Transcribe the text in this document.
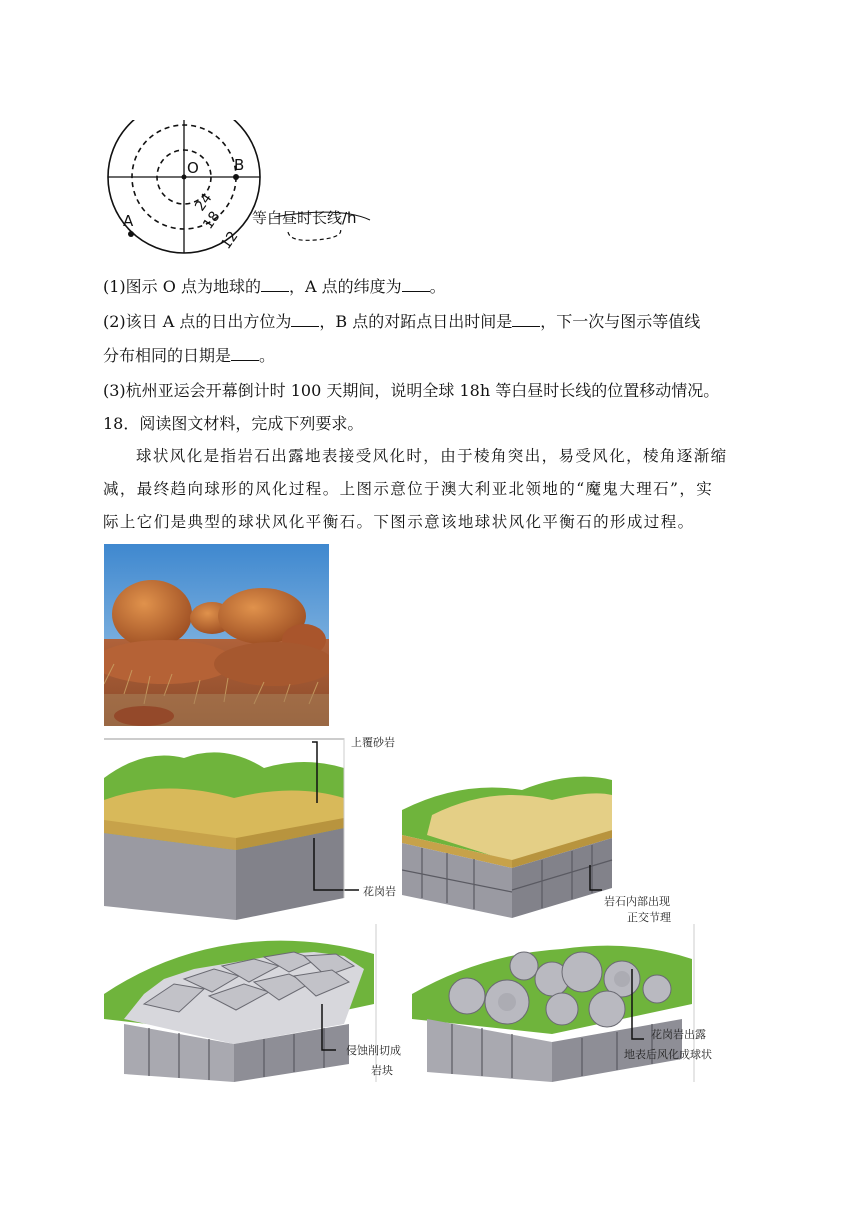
O B
A
24
18
12
等白昼时长线/h
(1)图示 O 点为地球的 ，A 点的纬度为 。
(2)该日 A 点的日出方位为 ，B 点的对跖点日出时间是 ，下一次与图示等值线
分布相同的日期是 。
(3)杭州亚运会开幕倒计时 100 天期间，说明全球 18h 等白昼时长线的位置移动情况。
18．阅读图文材料，完成下列要求。
球状风化是指岩石出露地表接受风化时，由于棱角突出，易受风化，棱角逐渐缩
减，最终趋向球形的风化过程。上图示意位于澳大利亚北领地的“魔鬼大理石”，实
际上它们是典型的球状风化平衡石。下图示意该地球状风化平衡石的形成过程。
上覆砂岩
花岗岩
岩石内部出现
正交节理
侵蚀削切成
岩块
花岗岩出露
地表后风化成球状
